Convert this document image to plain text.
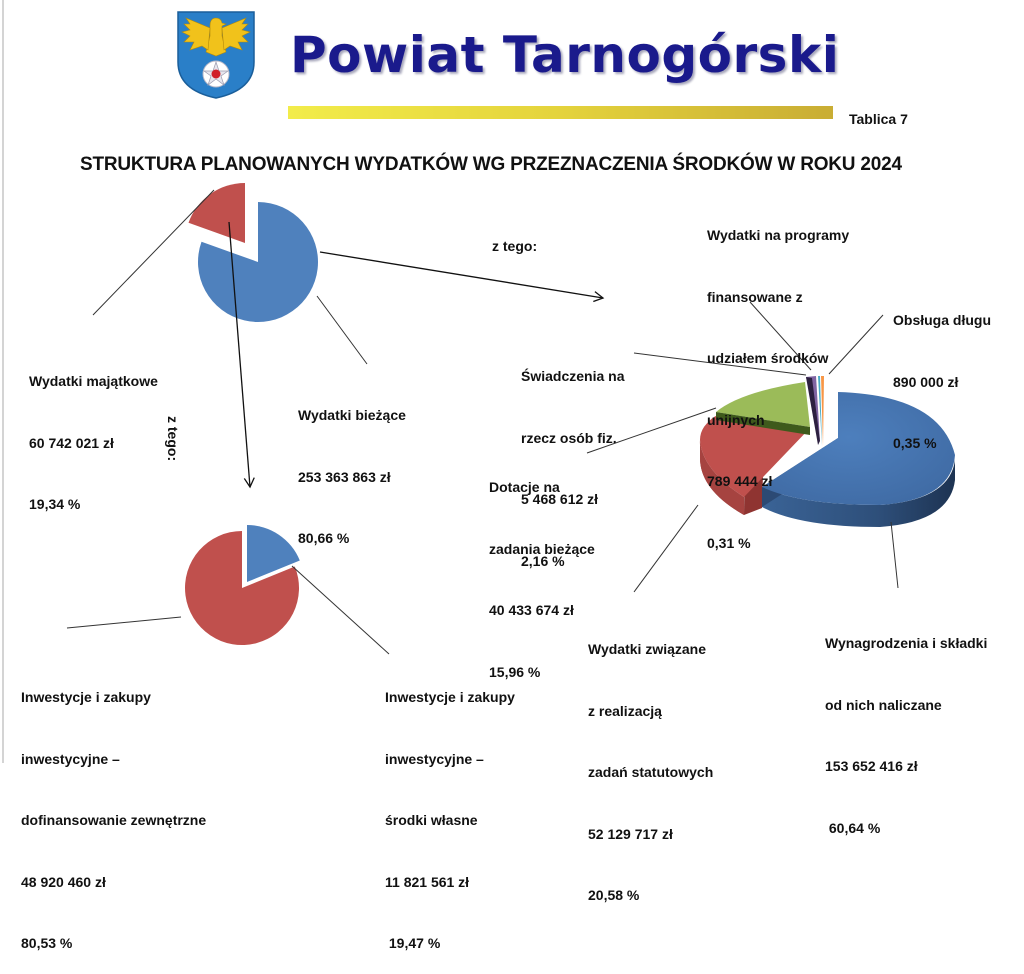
Powiat Tarnogórski
Tablica 7
STRUKTURA PLANOWANYCH WYDATKÓW WG PRZEZNACZENIA ŚRODKÓW W ROKU 2024
z tego:
z tego:

Wydatki majątkowe

60 742 021 zł

19,34 %

Wydatki bieżące

253 363 863 zł

80,66 %

Inwestycje i zakupy

inwestycyjne –

dofinansowanie zewnętrzne

48 920 460 zł

80,53 %

Inwestycje i zakupy

inwestycyjne –

środki własne

11 821 561 zł

19,47 %

Wydatki na programy

finansowane z

udziałem środków

unijnych

789 444 zł

0,31 %

Obsługa długu

890 000 zł

0,35 %

Świadczenia na

rzecz osób fiz.

5 468 612 zł

2,16 %

Dotacje na

zadania bieżące

40 433 674 zł

15,96 %

Wydatki związane

z realizacją

zadań statutowych

52 129 717 zł

20,58 %

Wynagrodzenia i składki

od nich naliczane

153 652 416 zł

60,64 %
